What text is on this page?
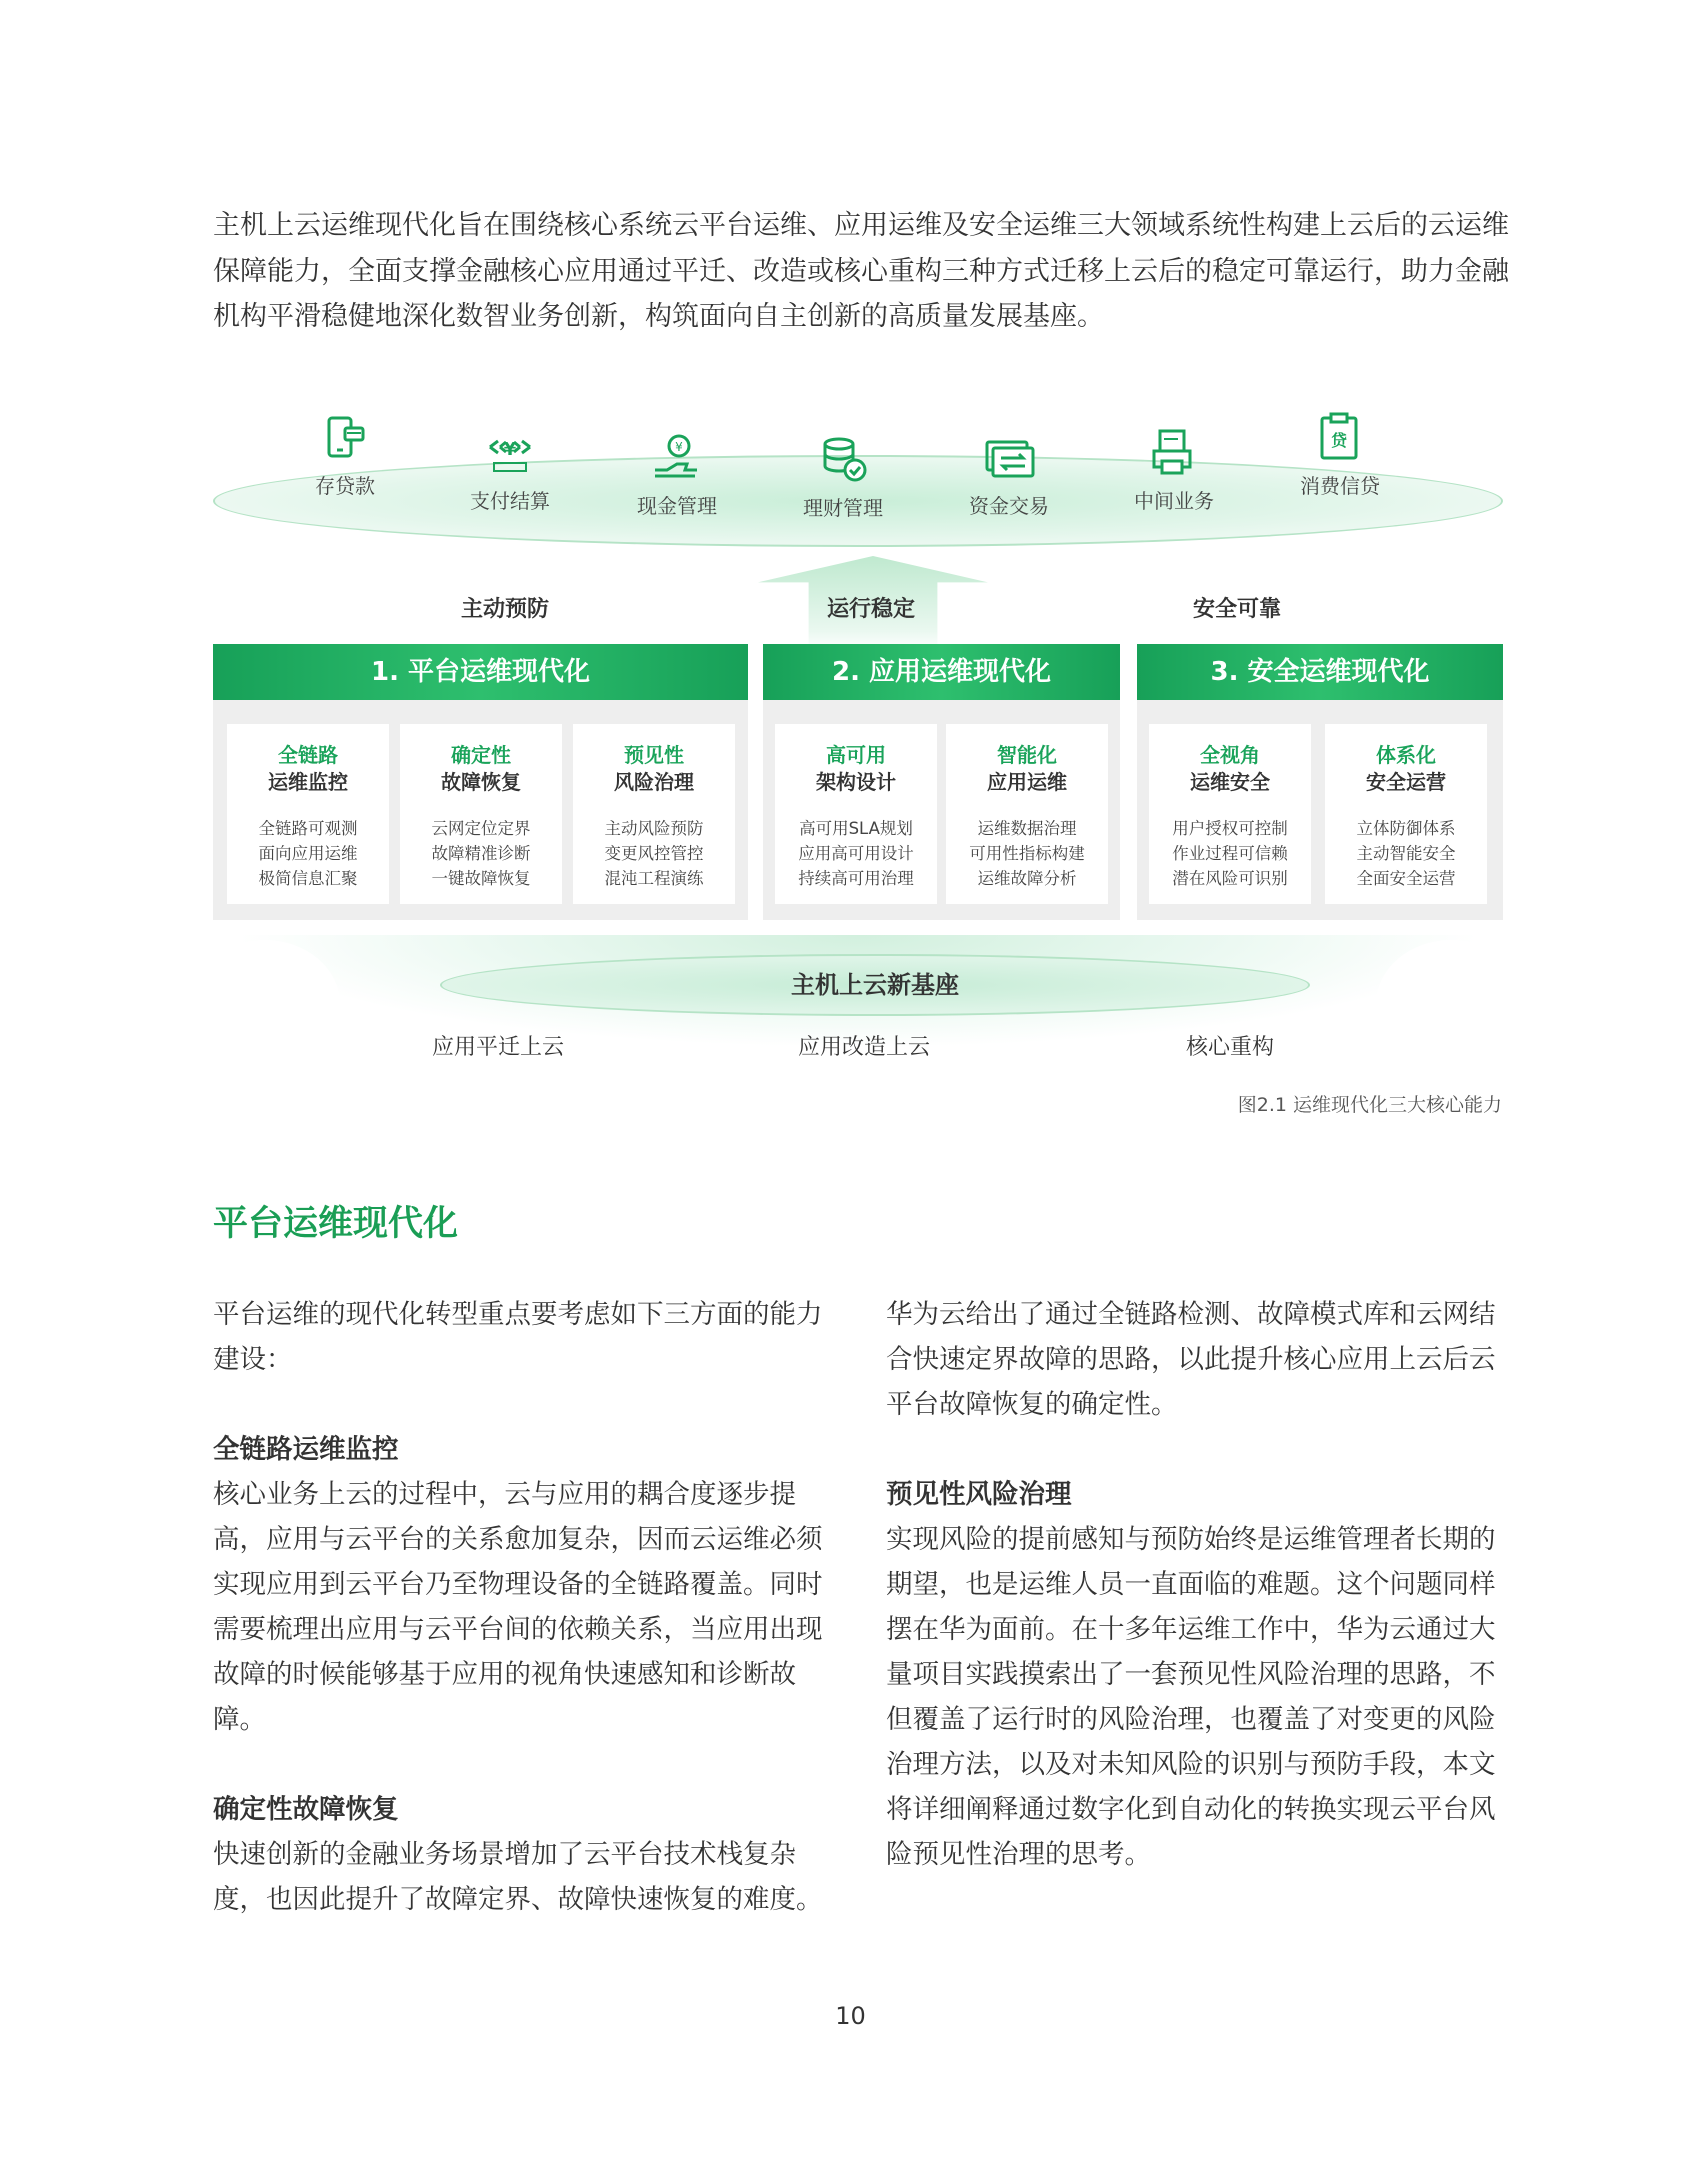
主机上云运维现代化旨在围绕核心系统云平台运维、应用运维及安全运维三大领域系统性构建上云后的云运维
保障能力，全面支撑金融核心应用通过平迁、改造或核心重构三种方式迁移上云后的稳定可靠运行，助力金融
机构平滑稳健地深化数智业务创新，构筑面向自主创新的高质量发展基座。
存贷款
¥
支付结算
¥
现金管理	理财管理	资金交易	中间业务
贷
消费信贷
主动预防	运行稳定	安全可靠
1. 平台运维现代化
全链路
运维监控
全链路可观测
面向应用运维
极简信息汇聚
确定性
故障恢复
云网定位定界
故障精准诊断
一键故障恢复
预见性
风险治理
主动风险预防
变更风控管控
混沌工程演练
2. 应用运维现代化
高可用
架构设计
高可用SLA规划
应用高可用设计
持续高可用治理
智能化
应用运维
运维数据治理
可用性指标构建
运维故障分析
3. 安全运维现代化
全视角
运维安全
用户授权可控制
作业过程可信赖
潜在风险可识别
体系化
安全运营
立体防御体系
主动智能安全
全面安全运营
主机上云新基座
应用平迁上云	应用改造上云	核心重构
图2.1 运维现代化三大核心能力
平台运维现代化
平台运维的现代化转型重点要考虑如下三方面的能力
建设：
全链路运维监控
核心业务上云的过程中，云与应用的耦合度逐步提
高，应用与云平台的关系愈加复杂，因而云运维必须
实现应用到云平台乃至物理设备的全链路覆盖。同时
需要梳理出应用与云平台间的依赖关系，当应用出现
故障的时候能够基于应用的视角快速感知和诊断故
障。
确定性故障恢复
快速创新的金融业务场景增加了云平台技术栈复杂
度，也因此提升了故障定界、故障快速恢复的难度。
华为云给出了通过全链路检测、故障模式库和云网结
合快速定界故障的思路，以此提升核心应用上云后云
平台故障恢复的确定性。
预见性风险治理
实现风险的提前感知与预防始终是运维管理者长期的
期望，也是运维人员一直面临的难题。这个问题同样
摆在华为面前。在十多年运维工作中，华为云通过大
量项目实践摸索出了一套预见性风险治理的思路，不
但覆盖了运行时的风险治理，也覆盖了对变更的风险
治理方法，以及对未知风险的识别与预防手段，本文
将详细阐释通过数字化到自动化的转换实现云平台风
险预见性治理的思考。
10
